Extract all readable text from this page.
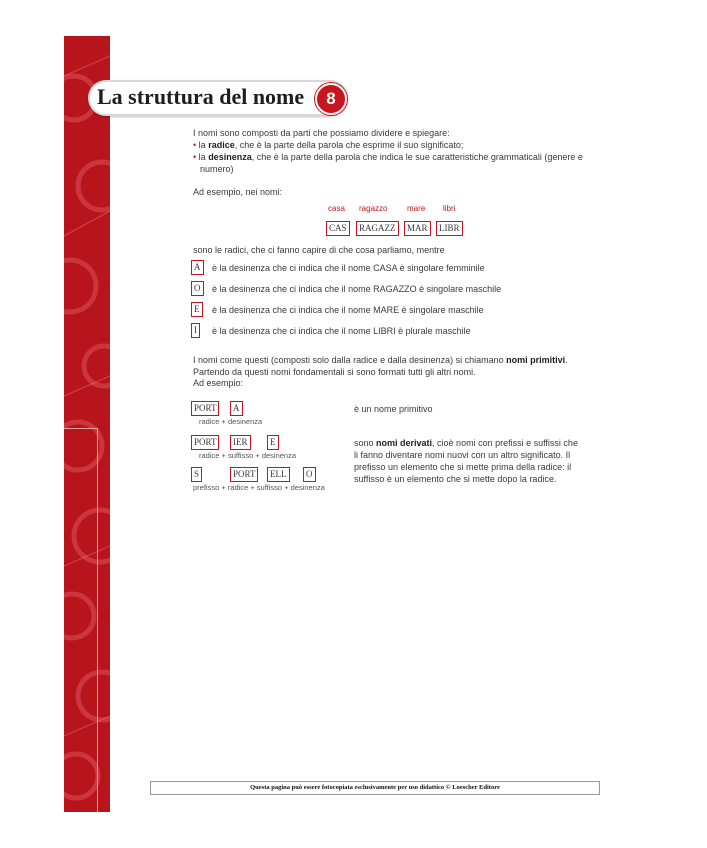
La struttura del nome	8
I nomi sono composti da parti che possiamo dividere e spiegare:
• la radice, che è la parte della parola che esprime il suo significato;
• la desinenza, che è la parte della parola che indica le sue caratteristiche grammaticali (genere e
numero)
Ad esempio, nei nomi:
casa ragazzo mare libri
CAS	RAGAZZ	MAR	LIBR
sono le radici, che ci fanno capire di che cosa parliamo, mentre
A	è la desinenza che ci indica che il nome CASA è singolare femminile
O	è la desinenza che ci indica che il nome RAGAZZO è singolare maschile
E	è la desinenza che ci indica che il nome MARE è singolare maschile
I	è la desinenza che ci indica che il nome LIBRI è plurale maschile
I nomi come questi (composti solo dalla radice e dalla desinenza) si chiamano nomi primitivi.
Partendo da questi nomi fondamentali si sono formati tutti gli altri nomi.
Ad esempio:
PORT	A
radice + desinenza
è un nome primitivo
PORT	IER	E
radice + suffisso + desinenza
S	PORT	ELL	O
prefisso + radice + suffisso + desinenza
sono nomi derivati, cioè nomi con prefissi e suffissi che
li fanno diventare nomi nuovi con un altro significato. Il
prefisso un elemento che si mette prima della radice: il
suffisso è un elemento che si mette dopo la radice.
Questa pagina può essere fotocopiata esclusivamente per uso didattico © Loescher Editore
